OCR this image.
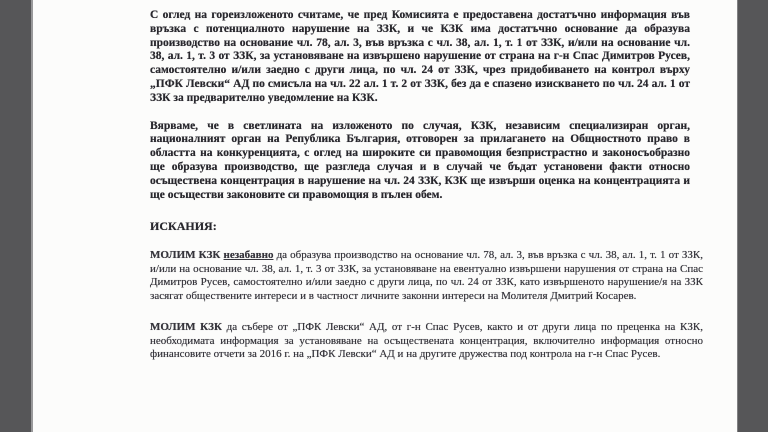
С оглед на гореизложеното считаме, че пред Комисията е предоставена достатъчно информация във връзка с потенциалното нарушение на ЗЗК, и че КЗК има достатъчно основание да образува производство на основание чл. 78, ал. 3, във връзка с чл. 38, ал. 1, т. 1 от ЗЗК, и/или на основание чл. 38, ал. 1, т. 3 от ЗЗК, за установяване на извършено нарушение от страна на г-н Спас Димитров Русев, самостоятелно и/или заедно с други лица, по чл. 24 от ЗЗК, чрез придобиването на контрол върху „ПФК Левски“ АД по смисъла на чл. 22 ал. 1 т. 2 от ЗЗК, без да е спазено изискването по чл. 24 ал. 1 от ЗЗК за предварително уведомление на КЗК.

Вярваме, че в светлината на изложеното по случая, КЗК, независим специализиран орган, националният орган на Република България, отговорен за прилагането на Общностното право в областта на конкуренцията, с оглед на широките си правомощия безпристрастно и законосъобразно ще образува производство, ще разгледа случая и в случай че бъдат установени факти относно осъществена концентрация в нарушение на чл. 24 ЗЗК, КЗК ще извърши оценка на концентрацията и ще осъществи законовите си правомощия в пълен обем.

ИСКАНИЯ:

МОЛИМ КЗК незабавно да образува производство на основание чл. 78, ал. 3, във връзка с чл. 38, ал. 1, т. 1 от ЗЗК, и/или на основание чл. 38, ал. 1, т. 3 от ЗЗК, за установяване на евентуално извършени нарушения от страна на Спас Димитров Русев, самостоятелно и/или заедно с други лица, по чл. 24 от ЗЗК, като извършеното нарушение/я на ЗЗК засягат обществените интереси и в частност личните законни интереси на Молителя Дмитрий Косарев.

МОЛИМ КЗК да събере от „ПФК Левски“ АД, от г-н Спас Русев, както и от други лица по преценка на КЗК, необходимата информация за установяване на осъществената концентрация, включително информация относно финансовите отчети за 2016 г. на „ПФК Левски“ АД и на другите дружества под контрола на г-н Спас Русев.
